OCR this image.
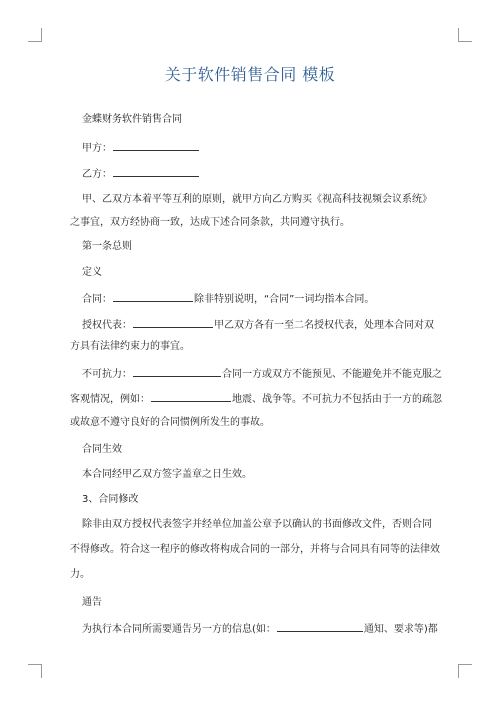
关于软件销售合同 模板
金蝶财务软件销售合同
甲方：
乙方：
甲、乙双方本着平等互利的原则，就甲方向乙方购买《视高科技视频会议系统》
之事宜，双方经协商一致，达成下述合同条款，共同遵守执行。
第一条总则
定义
合同：	除非特别说明，“合同”一词均指本合同。
授权代表：	甲乙双方各有一至二名授权代表，处理本合同对双
方具有法律约束力的事宜。
不可抗力：	合同一方或双方不能预见、不能避免并不能克服之
客观情况，例如：	地震、战争等。不可抗力不包括由于一方的疏忽
或故意不遵守良好的合同惯例所发生的事故。
合同生效
本合同经甲乙双方签字盖章之日生效。
3、合同修改
除非由双方授权代表签字并经单位加盖公章予以确认的书面修改文件，否则合同
不得修改。符合这一程序的修改将构成合同的一部分，并将与合同具有同等的法律效
力。
通告
为执行本合同所需要通告另一方的信息(如：	通知、要求等)都
